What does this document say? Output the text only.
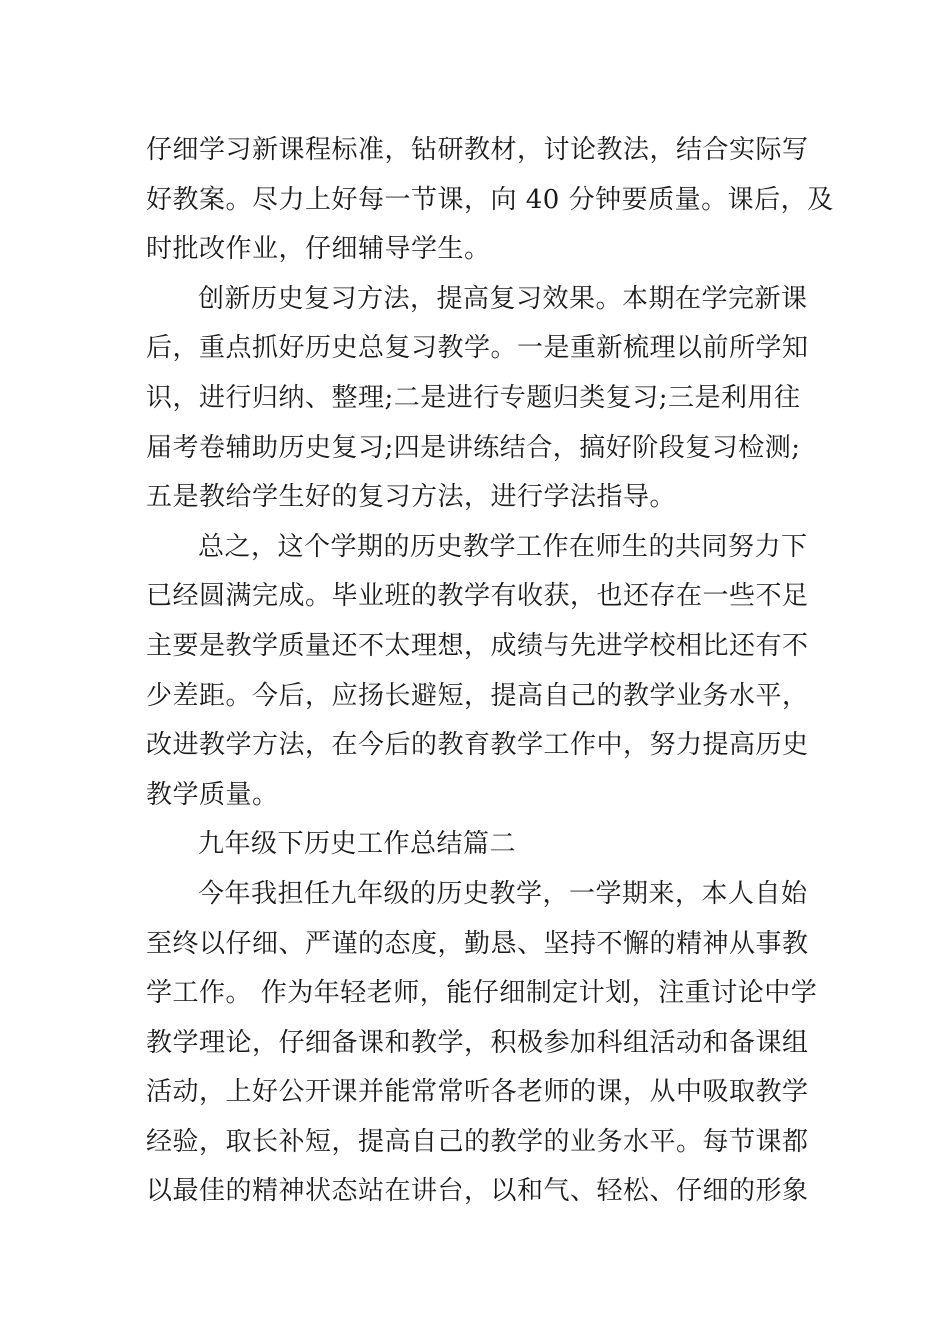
仔细学习新课程标准，钻研教材，讨论教法，结合实际写
好教案。尽力上好每一节课，向 40 分钟要质量。课后，及
时批改作业，仔细辅导学生。
创新历史复习方法，提高复习效果。本期在学完新课
后，重点抓好历史总复习教学。一是重新梳理以前所学知
识，进行归纳、整理;二是进行专题归类复习;三是利用往
届考卷辅助历史复习;四是讲练结合，搞好阶段复习检测;
五是教给学生好的复习方法，进行学法指导。
总之，这个学期的历史教学工作在师生的共同努力下
已经圆满完成。毕业班的教学有收获，也还存在一些不足
主要是教学质量还不太理想，成绩与先进学校相比还有不
少差距。今后，应扬长避短，提高自己的教学业务水平，
改进教学方法，在今后的教育教学工作中，努力提高历史
教学质量。
九年级下历史工作总结篇二
今年我担任九年级的历史教学，一学期来，本人自始
至终以仔细、严谨的态度，勤恳、坚持不懈的精神从事教
学工作。 作为年轻老师，能仔细制定计划，注重讨论中学
教学理论，仔细备课和教学，积极参加科组活动和备课组
活动，上好公开课并能常常听各老师的课，从中吸取教学
经验，取长补短，提高自己的教学的业务水平。每节课都
以最佳的精神状态站在讲台，以和气、轻松、仔细的形象
